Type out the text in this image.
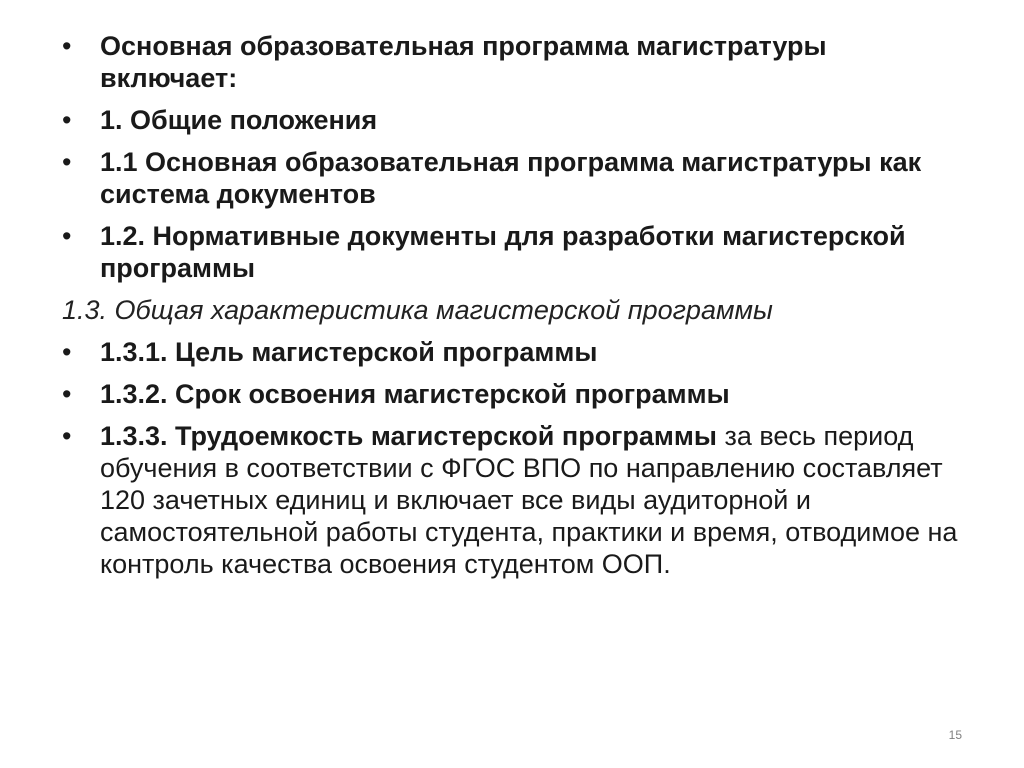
•	Основная образовательная программа магистратуры включает:
•	1. Общие положения
•	1.1 Основная образовательная программа магистратуры как система документов
•	1.2. Нормативные документы для разработки магистерской программы
1.3. Общая характеристика магистерской программы
•	1.3.1. Цель магистерской программы
•	1.3.2. Срок освоения магистерской программы
•	1.3.3. Трудоемкость магистерской программы за весь период обучения в соответствии с ФГОС ВПО по направлению составляет 120 зачетных единиц и включает все виды аудиторной и самостоятельной работы студента, практики и время, отводимое на контроль качества освоения студентом ООП.
15
